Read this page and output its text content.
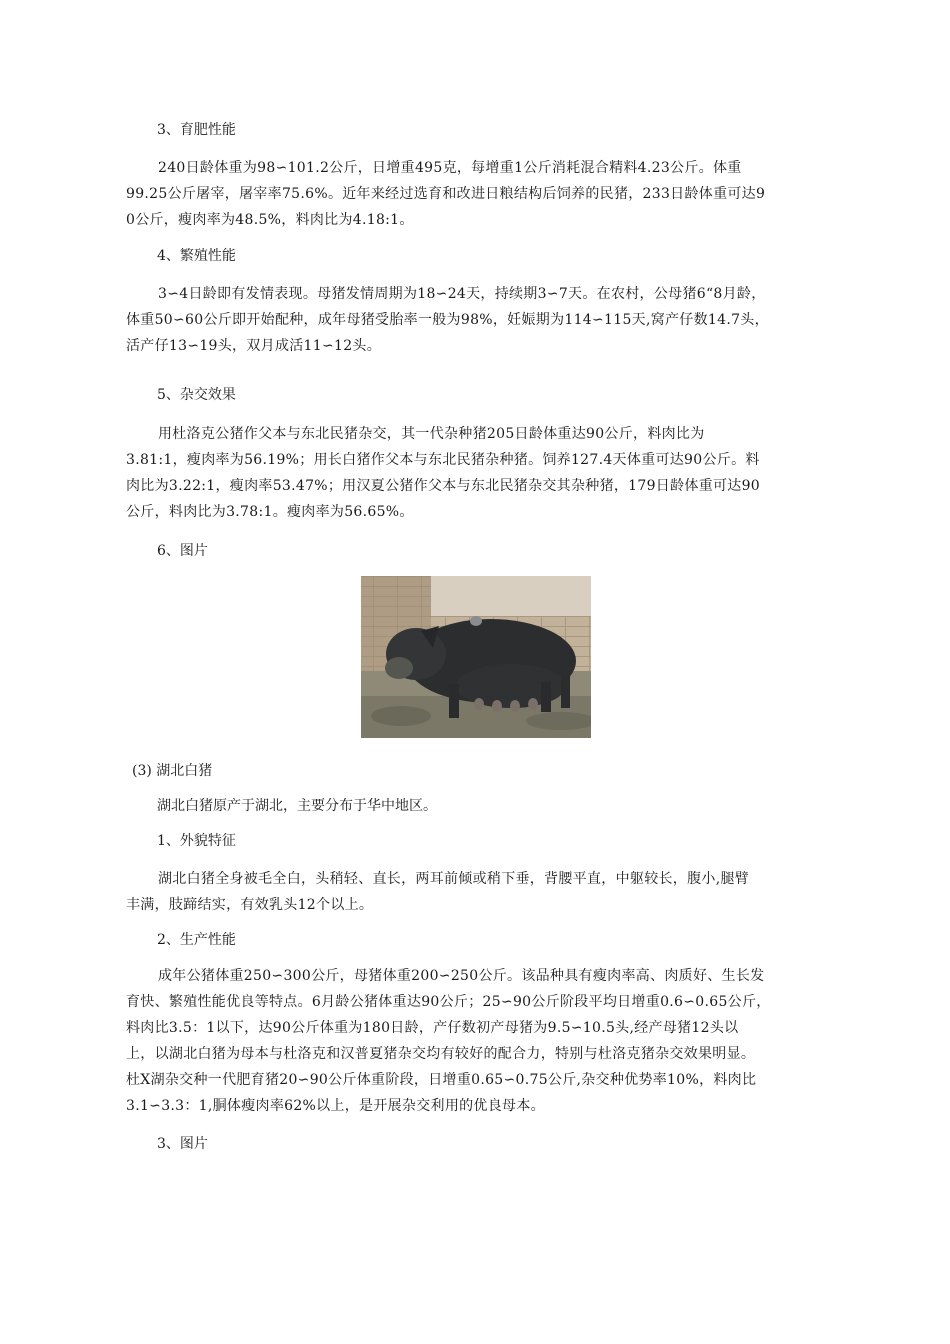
3、育肥性能
240日龄体重为98∽101.2公斤，日增重495克，每增重1公斤消耗混合精料4.23公斤。体重
99.25公斤屠宰，屠宰率75.6%。近年来经过选育和改进日粮结构后饲养的民猪，233日龄体重可达9
0公斤，瘦肉率为48.5%，料肉比为4.18:1。
4、繁殖性能
3∽4日龄即有发情表现。母猪发情周期为18∽24天，持续期3∽7天。在农村，公母猪6“8月龄，
体重50∽60公斤即开始配种，成年母猪受胎率一般为98%，妊娠期为114∽115天,窝产仔数14.7头，
活产仔13∽19头，双月成活11∽12头。
5、杂交效果
用杜洛克公猪作父本与东北民猪杂交，其一代杂种猪205日龄体重达90公斤，料肉比为
3.81:1，瘦肉率为56.19%；用长白猪作父本与东北民猪杂种猪。饲养127.4天体重可达90公斤。料
肉比为3.22:1，瘦肉率53.47%；用汉夏公猪作父本与东北民猪杂交其杂种猪，179日龄体重可达90
公斤，料肉比为3.78:1。瘦肉率为56.65%。
6、图片
(3) 湖北白猪
湖北白猪原产于湖北，主要分布于华中地区。
1、外貌特征
湖北白猪全身被毛全白，头稍轻、直长，两耳前倾或稍下垂，背腰平直，中躯较长，腹小,腿臂
丰满，肢蹄结实，有效乳头12个以上。
2、生产性能
成年公猪体重250∽300公斤，母猪体重200∽250公斤。该品种具有瘦肉率高、肉质好、生长发
育快、繁殖性能优良等特点。6月龄公猪体重达90公斤；25∽90公斤阶段平均日增重0.6∽0.65公斤，
料肉比3.5：1以下，达90公斤体重为180日龄，产仔数初产母猪为9.5∽10.5头,经产母猪12头以
上，以湖北白猪为母本与杜洛克和汉普夏猪杂交均有较好的配合力，特别与杜洛克猪杂交效果明显。
杜X湖杂交种一代肥育猪20∽90公斤体重阶段，日增重0.65∽0.75公斤,杂交种优势率10%，料肉比
3.1∽3.3：1,胴体瘦肉率62%以上，是开展杂交利用的优良母本。
3、图片
